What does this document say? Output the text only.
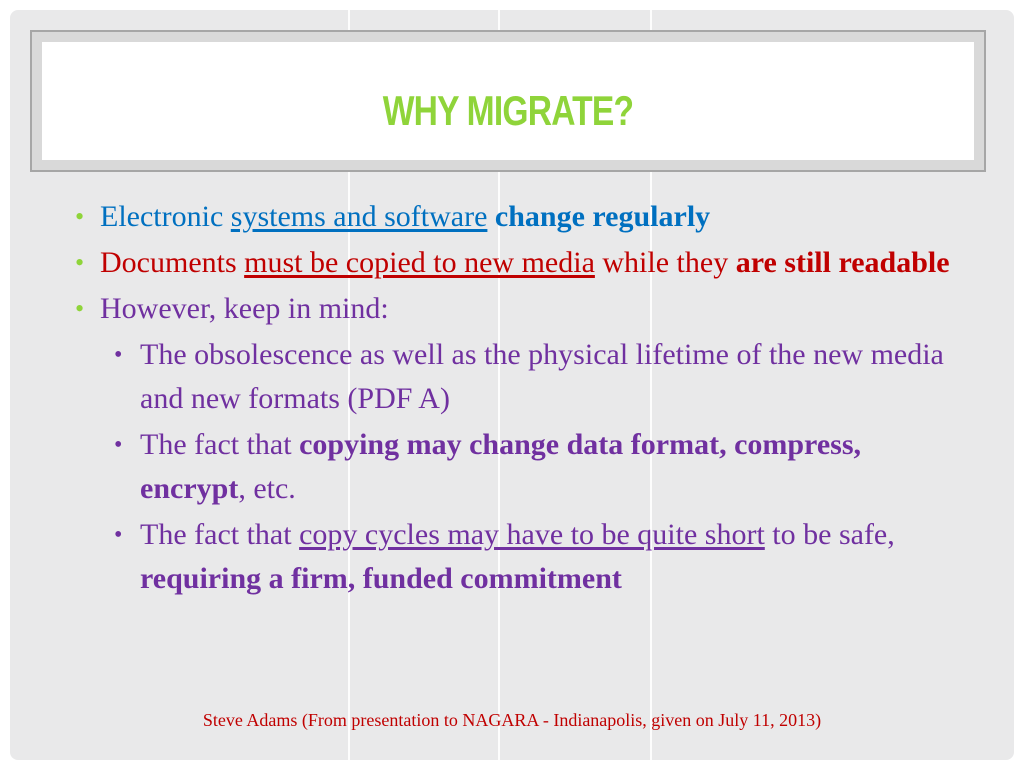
WHY MIGRATE?
• Electronic systems and software change regularly
• Documents must be copied to new media while they are still readable
• However, keep in mind:
• The obsolescence as well as the physical lifetime of the new media and new formats (PDF A)
• The fact that copying may change data format, compress, encrypt, etc.
• The fact that copy cycles may have to be quite short to be safe, requiring a firm, funded commitment
Steve Adams (From presentation to NAGARA - Indianapolis, given on July 11, 2013)
